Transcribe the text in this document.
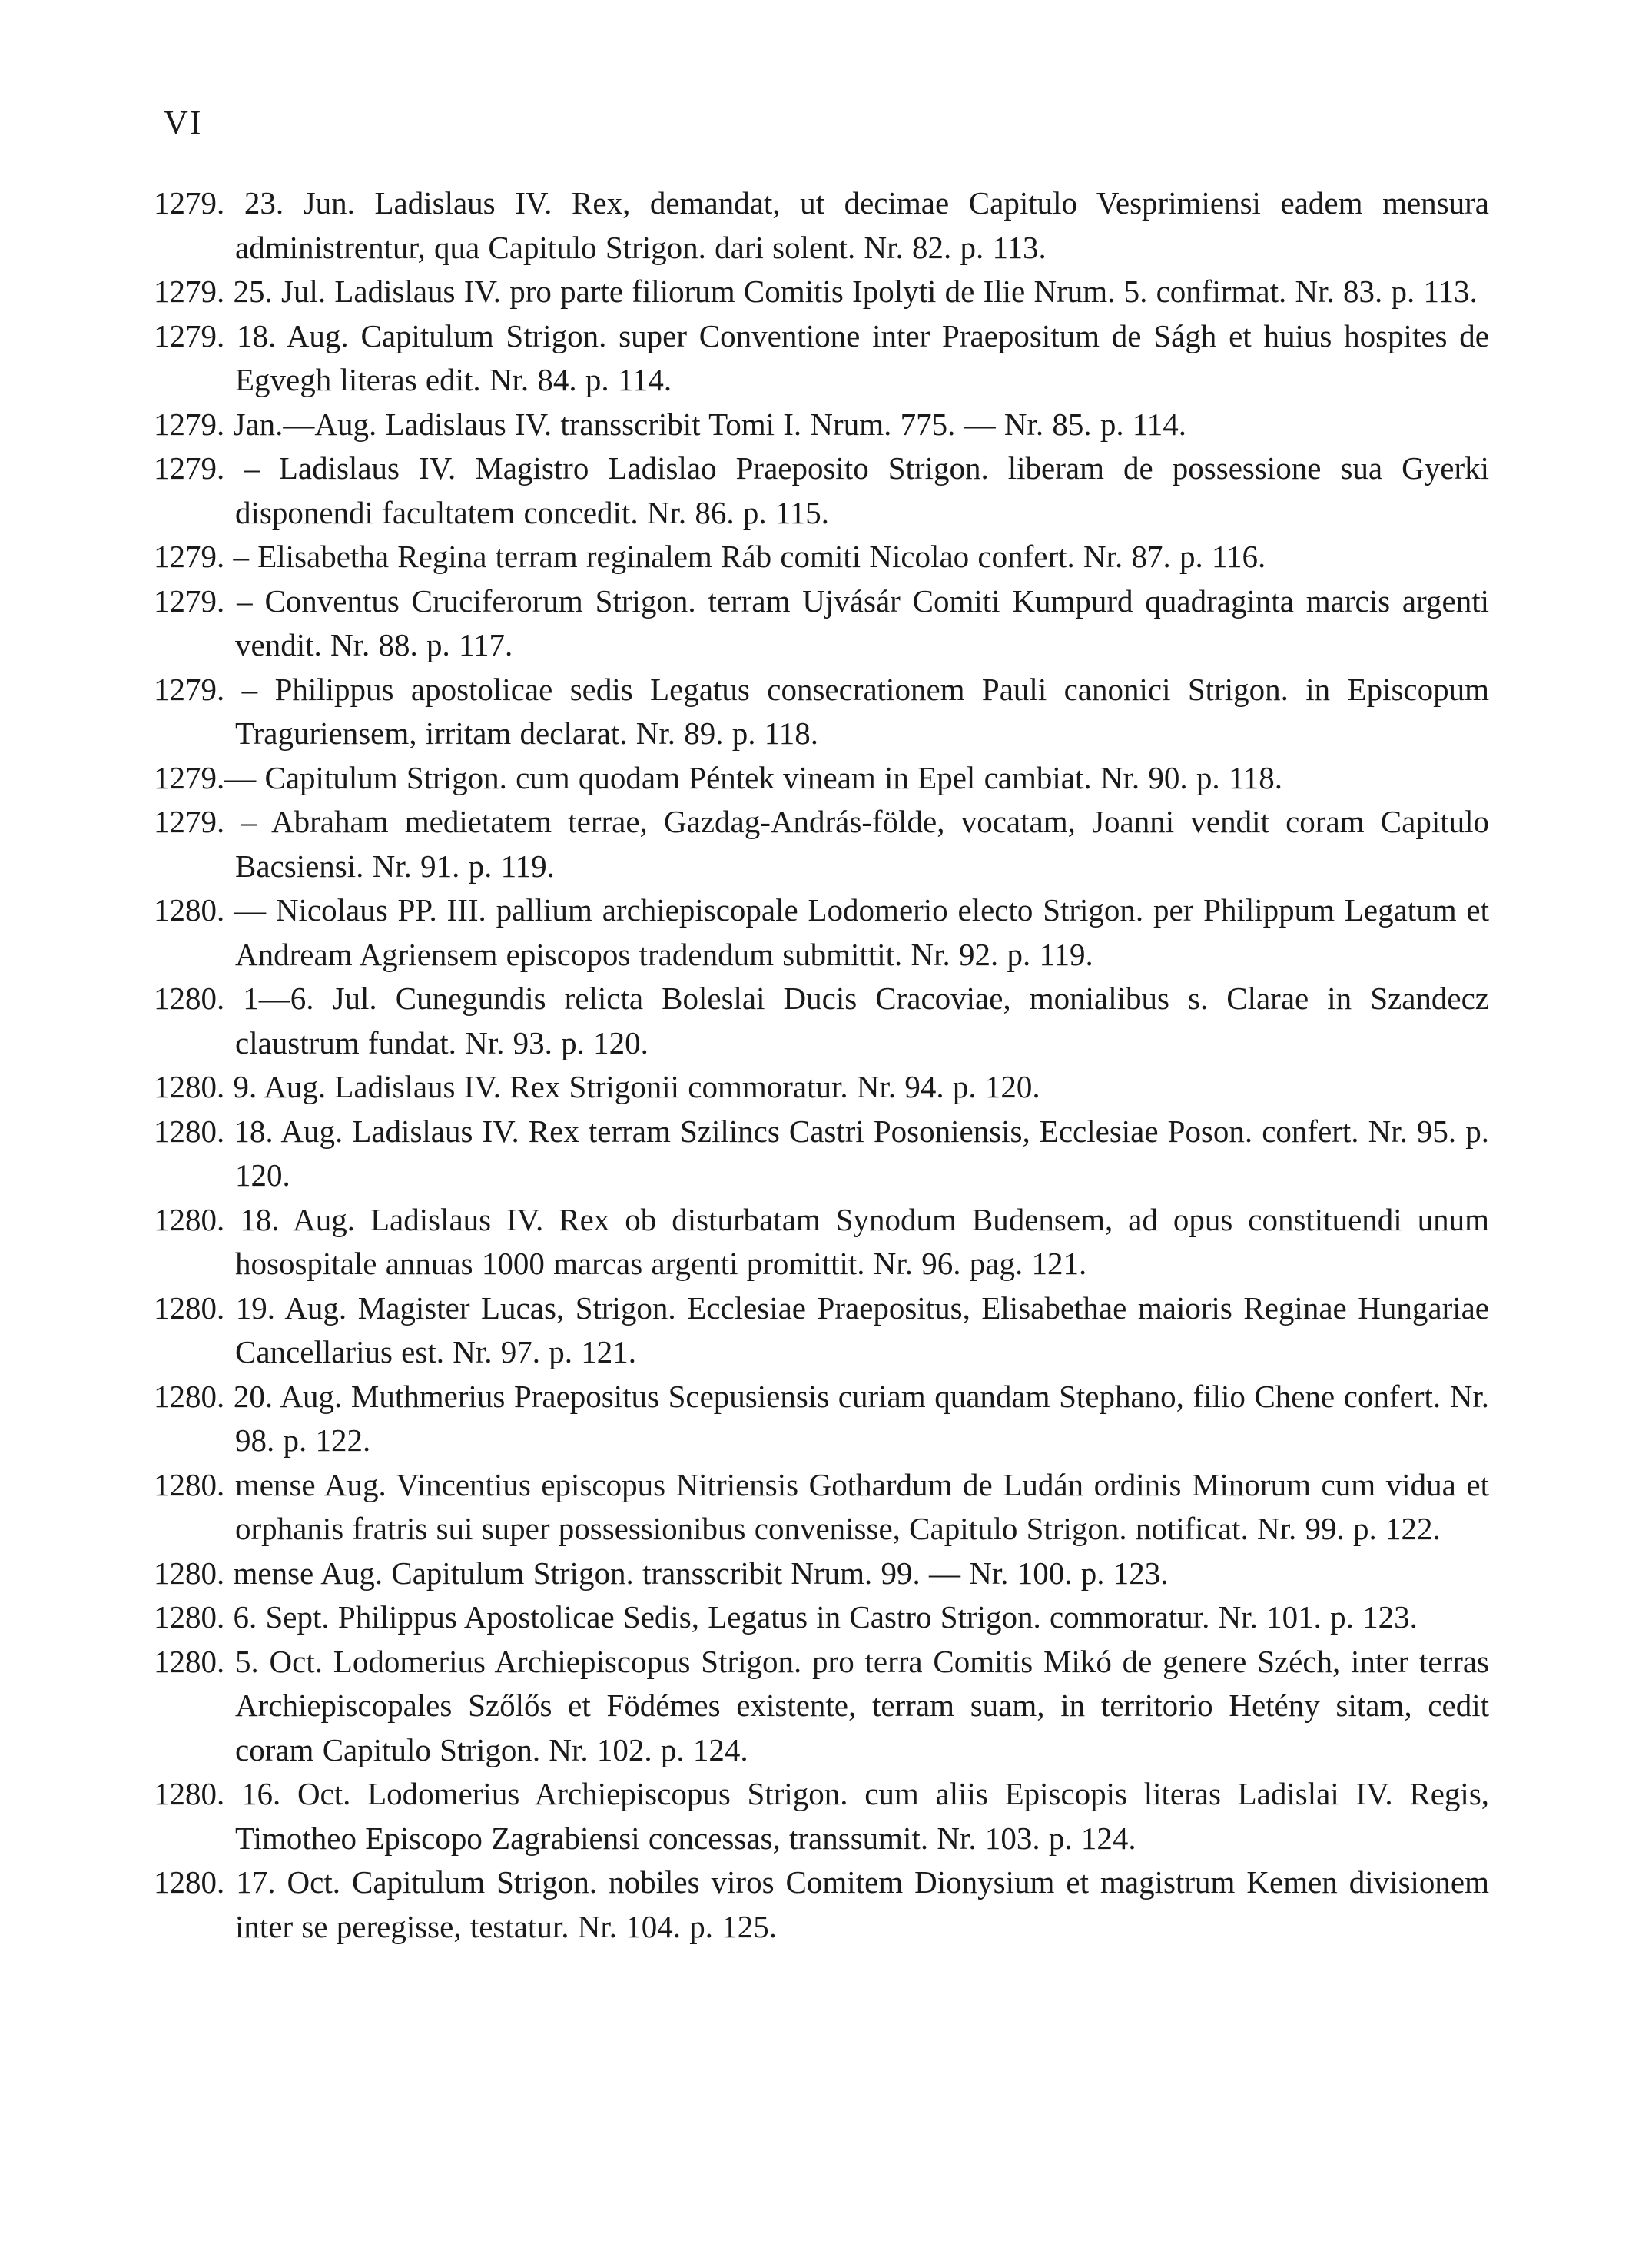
VI
1279. 23. Jun. Ladislaus IV. Rex, demandat, ut decimae Capitulo Vesprimiensi eadem mensura administrentur, qua Capitulo Strigon. dari solent. Nr. 82. p. 113.
1279. 25. Jul. Ladislaus IV. pro parte filiorum Comitis Ipolyti de Ilie Nrum. 5. confirmat. Nr. 83. p. 113.
1279. 18. Aug. Capitulum Strigon. super Conventione inter Praepositum de Ságh et huius hospites de Egvegh literas edit. Nr. 84. p. 114.
1279. Jan.—Aug. Ladislaus IV. transscribit Tomi I. Nrum. 775. — Nr. 85. p. 114.
1279. – Ladislaus IV. Magistro Ladislao Praeposito Strigon. liberam de possessione sua Gyerki disponendi facultatem concedit. Nr. 86. p. 115.
1279. – Elisabetha Regina terram reginalem Ráb comiti Nicolao confert. Nr. 87. p. 116.
1279. – Conventus Cruciferorum Strigon. terram Ujvásár Comiti Kumpurd quadraginta marcis argenti vendit. Nr. 88. p. 117.
1279. – Philippus apostolicae sedis Legatus consecrationem Pauli canonici Strigon. in Episcopum Traguriensem, irritam declarat. Nr. 89. p. 118.
1279.— Capitulum Strigon. cum quodam Péntek vineam in Epel cambiat. Nr. 90. p. 118.
1279. – Abraham medietatem terrae, Gazdag-András-földe, vocatam, Joanni vendit coram Capitulo Bacsiensi. Nr. 91. p. 119.
1280. — Nicolaus PP. III. pallium archiepiscopale Lodomerio electo Strigon. per Philippum Legatum et Andream Agriensem episcopos tradendum submittit. Nr. 92. p. 119.
1280. 1—6. Jul. Cunegundis relicta Boleslai Ducis Cracoviae, monialibus s. Clarae in Szandecz claustrum fundat. Nr. 93. p. 120.
1280. 9. Aug. Ladislaus IV. Rex Strigonii commoratur. Nr. 94. p. 120.
1280. 18. Aug. Ladislaus IV. Rex terram Szilincs Castri Posoniensis, Ecclesiae Poson. confert. Nr. 95. p. 120.
1280. 18. Aug. Ladislaus IV. Rex ob disturbatam Synodum Budensem, ad opus constituendi unum hosospitale annuas 1000 marcas argenti promittit. Nr. 96. pag. 121.
1280. 19. Aug. Magister Lucas, Strigon. Ecclesiae Praepositus, Elisabethae maioris Reginae Hungariae Cancellarius est. Nr. 97. p. 121.
1280. 20. Aug. Muthmerius Praepositus Scepusiensis curiam quandam Stephano, filio Chene confert. Nr. 98. p. 122.
1280. mense Aug. Vincentius episcopus Nitriensis Gothardum de Ludán ordinis Minorum cum vidua et orphanis fratris sui super possessionibus convenisse, Capitulo Strigon. notificat. Nr. 99. p. 122.
1280. mense Aug. Capitulum Strigon. transscribit Nrum. 99. — Nr. 100. p. 123.
1280. 6. Sept. Philippus Apostolicae Sedis, Legatus in Castro Strigon. commoratur. Nr. 101. p. 123.
1280. 5. Oct. Lodomerius Archiepiscopus Strigon. pro terra Comitis Mikó de genere Széch, inter terras Archiepiscopales Szőlős et Födémes existente, terram suam, in territorio Hetény sitam, cedit coram Capitulo Strigon. Nr. 102. p. 124.
1280. 16. Oct. Lodomerius Archiepiscopus Strigon. cum aliis Episcopis literas Ladislai IV. Regis, Timotheo Episcopo Zagrabiensi concessas, transsumit. Nr. 103. p. 124.
1280. 17. Oct. Capitulum Strigon. nobiles viros Comitem Dionysium et magistrum Kemen divisionem inter se peregisse, testatur. Nr. 104. p. 125.
